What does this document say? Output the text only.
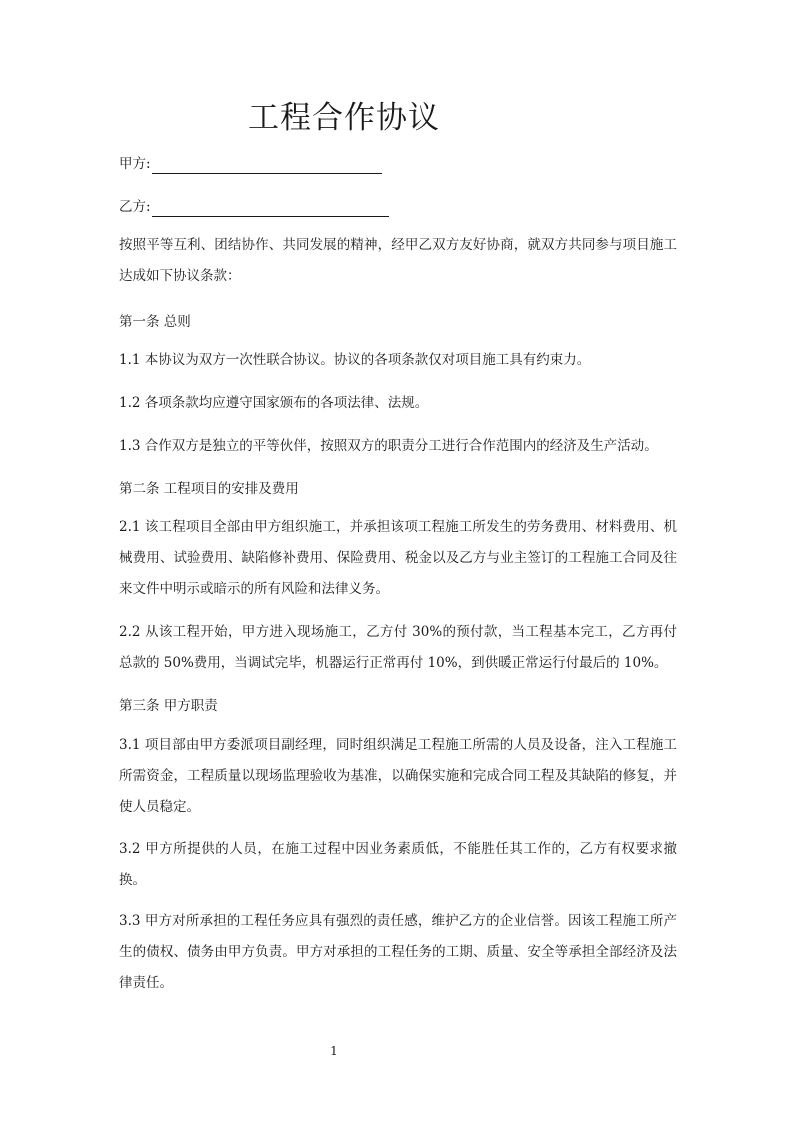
工程合作协议
甲方:
乙方:

按照平等互利、团结协作、共同发展的精神，经甲乙双方友好协商，就双方共同参与项目施工达成如下协议条款：

第一条 总则

1.1 本协议为双方一次性联合协议。协议的各项条款仅对项目施工具有约束力。

1.2 各项条款均应遵守国家颁布的各项法律、法规。

1.3 合作双方是独立的平等伙伴，按照双方的职责分工进行合作范围内的经济及生产活动。

第二条 工程项目的安排及费用

2.1 该工程项目全部由甲方组织施工，并承担该项工程施工所发生的劳务费用、材料费用、机械费用、试验费用、缺陷修补费用、保险费用、税金以及乙方与业主签订的工程施工合同及往来文件中明示或暗示的所有风险和法律义务。

2.2 从该工程开始，甲方进入现场施工，乙方付 30%的预付款，当工程基本完工，乙方再付总款的 50%费用，当调试完毕，机器运行正常再付 10%，到供暖正常运行付最后的 10%。

第三条 甲方职责

3.1 项目部由甲方委派项目副经理，同时组织满足工程施工所需的人员及设备，注入工程施工所需资金，工程质量以现场监理验收为基准，以确保实施和完成合同工程及其缺陷的修复，并使人员稳定。

3.2 甲方所提供的人员，在施工过程中因业务素质低，不能胜任其工作的，乙方有权要求撤换。

3.3 甲方对所承担的工程任务应具有强烈的责任感，维护乙方的企业信誉。因该工程施工所产生的债权、债务由甲方负责。甲方对承担的工程任务的工期、质量、安全等承担全部经济及法律责任。

1
